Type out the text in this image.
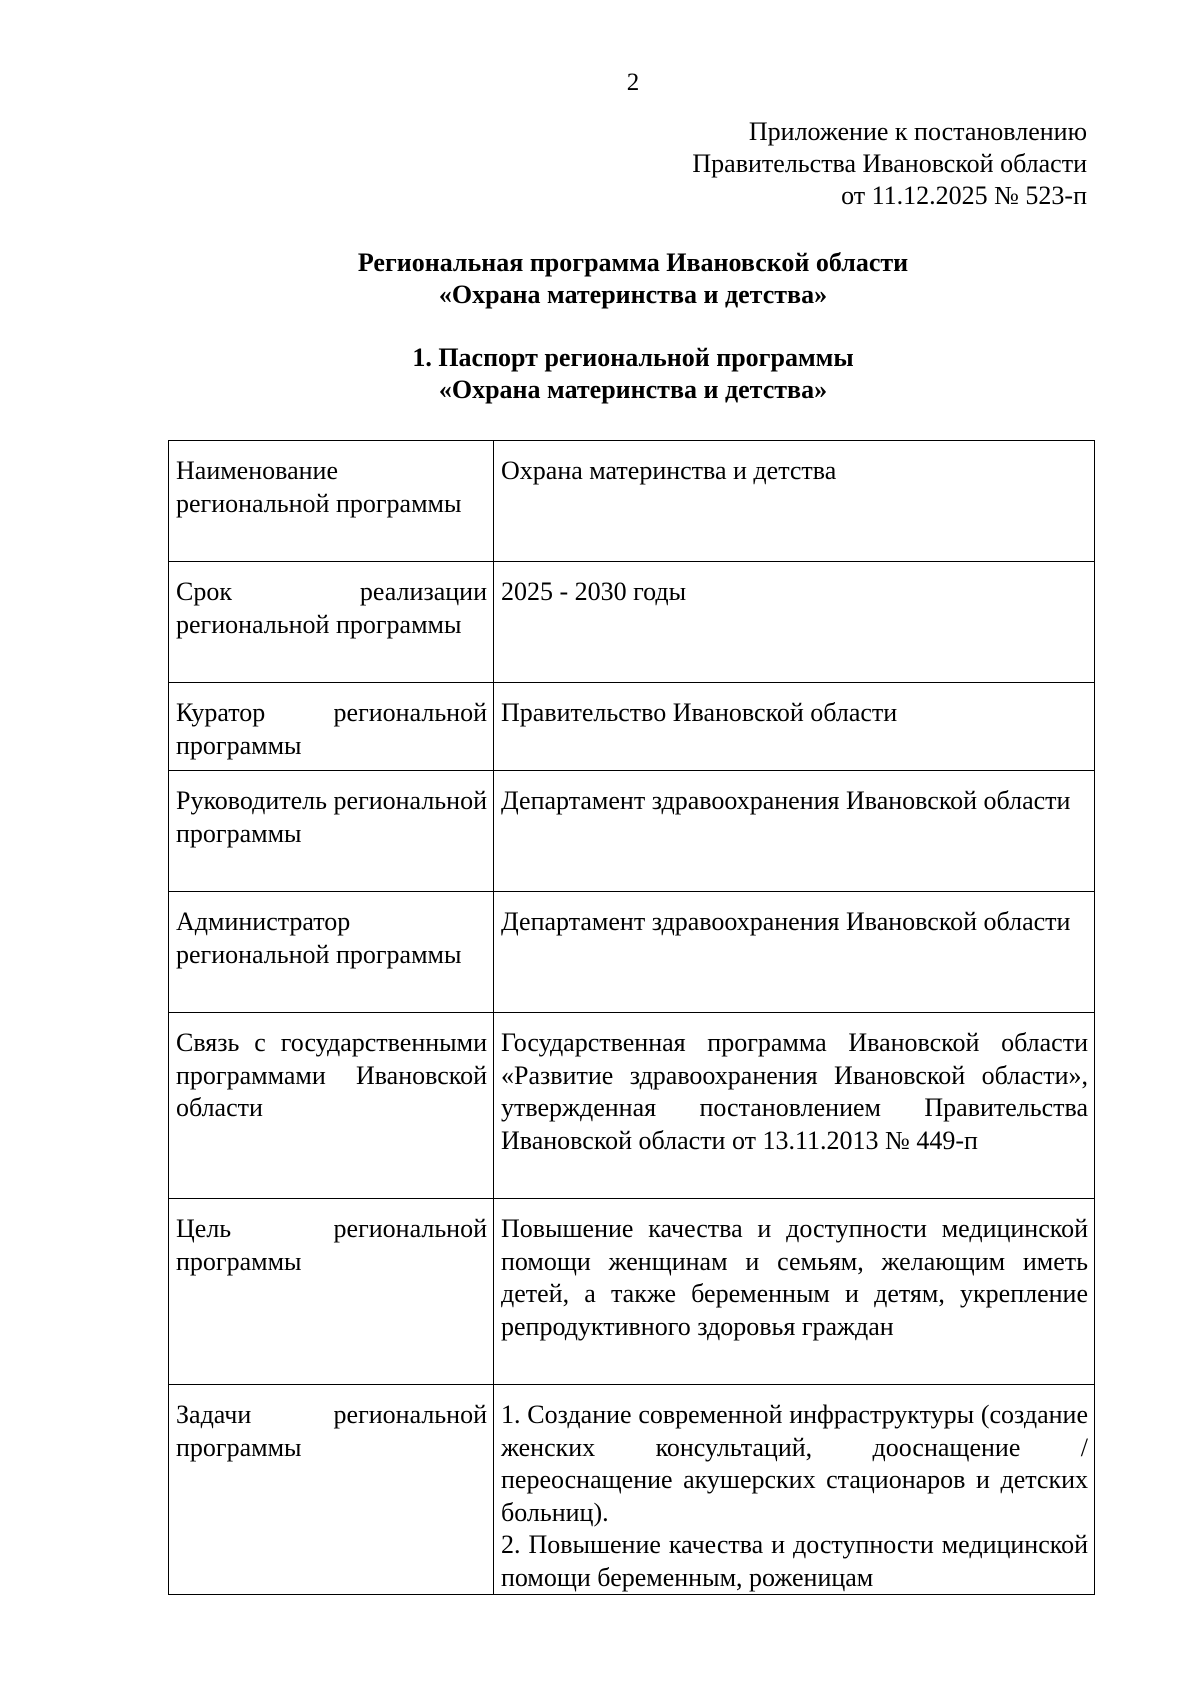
2
Приложение к постановлению
Правительства Ивановской области
от 11.12.2025 № 523-п
Региональная программа Ивановской области
«Охрана материнства и детства»
1. Паспорт региональной программы
«Охрана материнства и детства»
Наименование региональной программы	Охрана материнства и детства
Срок реализации региональной программы	2025 - 2030 годы
Куратор региональной программы	Правительство Ивановской области
Руководитель региональной программы	Департамент здравоохранения Ивановской области
Администратор региональной программы	Департамент здравоохранения Ивановской области
Связь с государственными программами Ивановской области	Государственная программа Ивановской области «Развитие здравоохранения Ивановской области», утвержденная постановлением Правительства Ивановской области от 13.11.2013 № 449-п
Цель региональной программы	Повышение качества и доступности медицинской помощи женщинам и семьям, желающим иметь детей, а также беременным и детям, укрепление репродуктивного здоровья граждан
Задачи региональной программы	1. Создание современной инфраструктуры (создание женских консультаций, дооснащение / переоснащение акушерских стационаров и детских больниц).
2. Повышение качества и доступности медицинской помощи беременным, роженицам
